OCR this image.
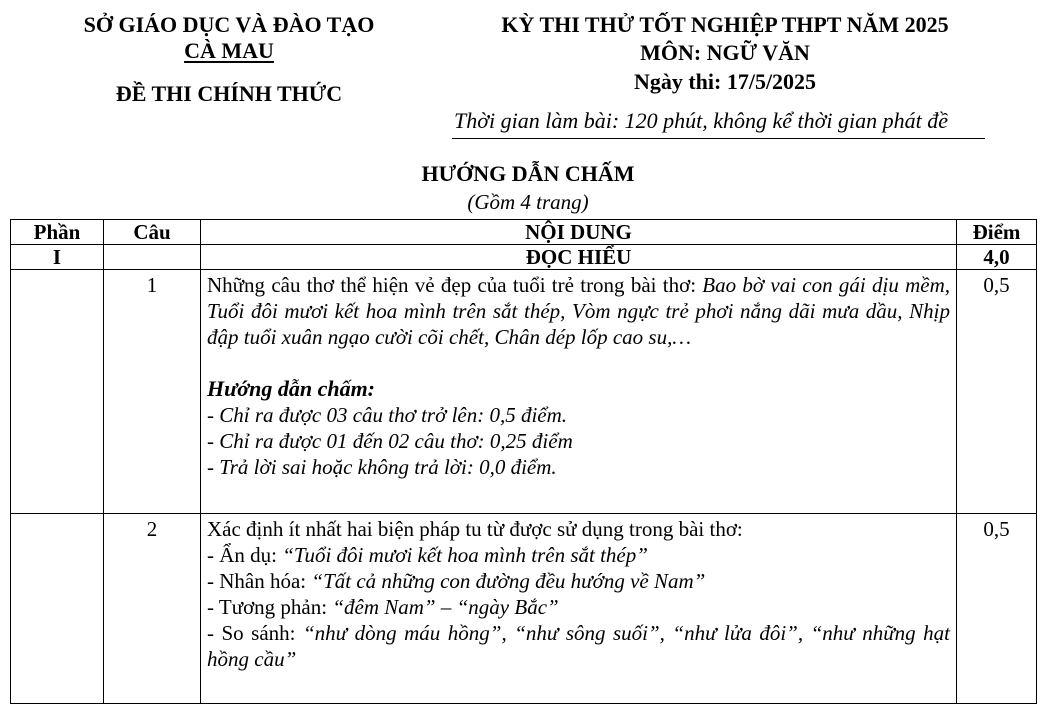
SỞ GIÁO DỤC VÀ ĐÀO TẠO
CÀ MAU
ĐỀ THI CHÍNH THỨC
KỲ THI THỬ TỐT NGHIỆP THPT NĂM 2025
MÔN: NGỮ VĂN
Ngày thi: 17/5/2025
Thời gian làm bài: 120 phút, không kể thời gian phát đề
HƯỚNG DẪN CHẤM
(Gồm 4 trang)
Phần	Câu	NỘI DUNG	Điểm
I		ĐỌC HIỂU	4,0
	1	Những câu thơ thể hiện vẻ đẹp của tuổi trẻ trong bài thơ: Bao bờ vai con gái dịu mềm, Tuổi đôi mươi kết hoa mình trên sắt thép, Vòm ngực trẻ phơi nắng dãi mưa dầu, Nhịp đập tuổi xuân ngạo cười cõi chết, Chân dép lốp cao su,…
Hướng dẫn chấm:
- Chỉ ra được 03 câu thơ trở lên: 0,5 điểm.
- Chỉ ra được 01 đến 02 câu thơ: 0,25 điểm
- Trả lời sai hoặc không trả lời: 0,0 điểm.	0,5
	2	Xác định ít nhất hai biện pháp tu từ được sử dụng trong bài thơ:
- Ẩn dụ: “Tuổi đôi mươi kết hoa mình trên sắt thép”
- Nhân hóa: “Tất cả những con đường đều hướng về Nam”
- Tương phản: “đêm Nam” – “ngày Bắc”
- So sánh: “như dòng máu hồng”, “như sông suối”, “như lửa đôi”, “như những hạt hồng cầu”	0,5
